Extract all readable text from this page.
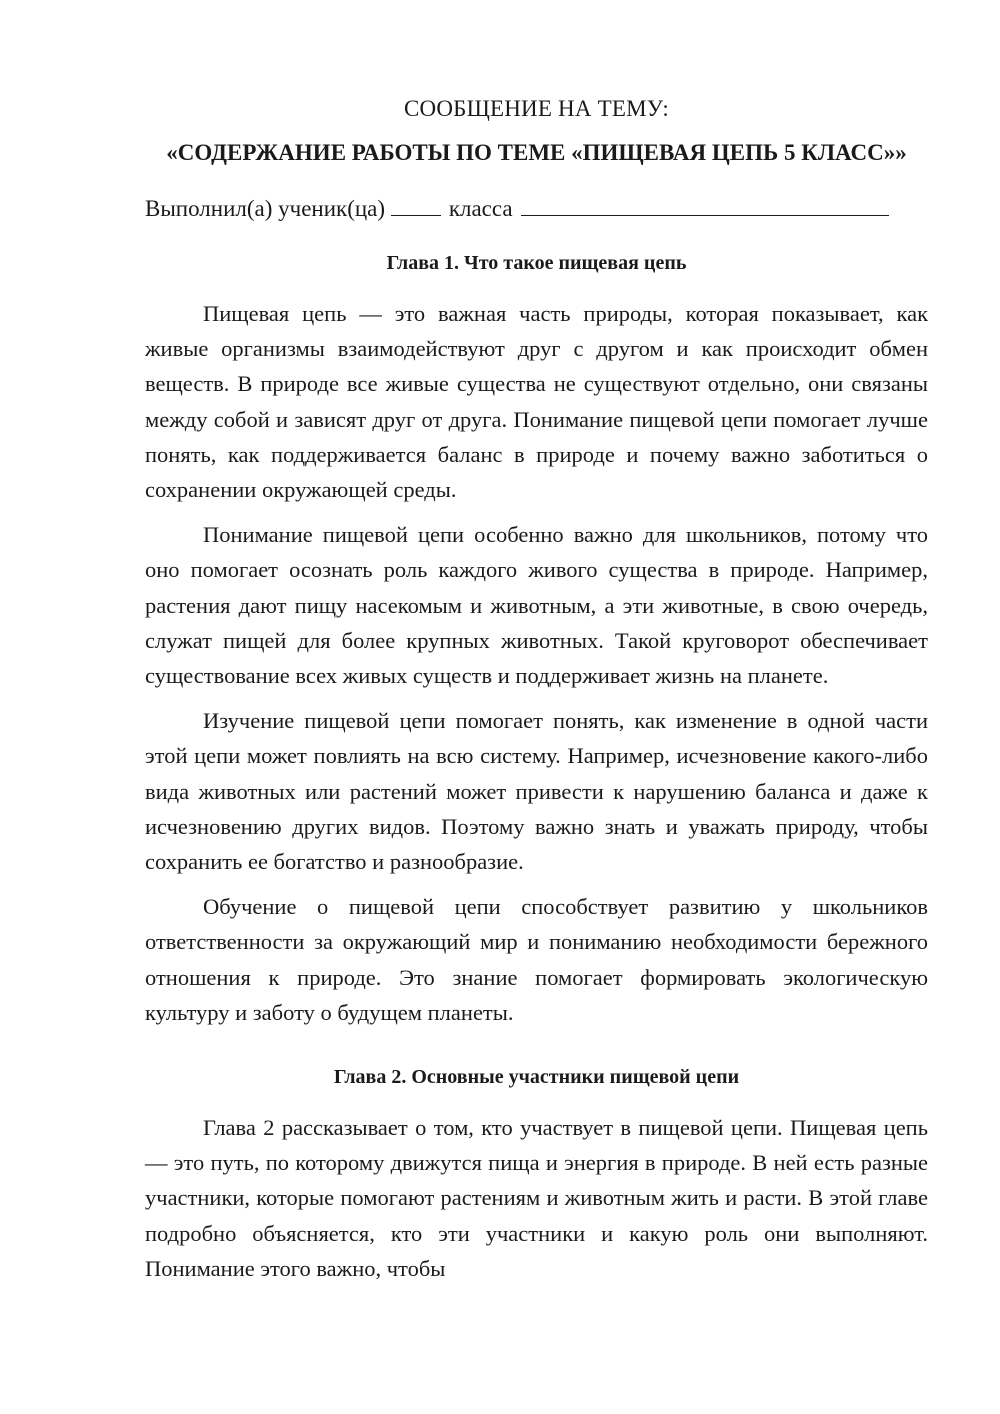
СООБЩЕНИЕ НА ТЕМУ:

«СОДЕРЖАНИЕ РАБОТЫ ПО ТЕМЕ «ПИЩЕВАЯ ЦЕПЬ 5 КЛАСС»»

Выполнил(а) ученик(ца)	класса

Глава 1. Что такое пищевая цепь

Пищевая цепь — это важная часть природы, которая показывает, как живые организмы взаимодействуют друг с другом и как происходит обмен веществ. В природе все живые существа не существуют отдельно, они связаны между собой и зависят друг от друга. Понимание пищевой цепи помогает лучше понять, как поддерживается баланс в природе и почему важно заботиться о сохранении окружающей среды.

Понимание пищевой цепи особенно важно для школьников, потому что оно помогает осознать роль каждого живого существа в природе. Например, растения дают пищу насекомым и животным, а эти животные, в свою очередь, служат пищей для более крупных животных. Такой круговорот обеспечивает существование всех живых существ и поддерживает жизнь на планете.

Изучение пищевой цепи помогает понять, как изменение в одной части этой цепи может повлиять на всю систему. Например, исчезновение какого-либо вида животных или растений может привести к нарушению баланса и даже к исчезновению других видов. Поэтому важно знать и уважать природу, чтобы сохранить ее богатство и разнообразие.

Обучение о пищевой цепи способствует развитию у школьников ответственности за окружающий мир и пониманию необходимости бережного отношения к природе. Это знание помогает формировать экологическую культуру и заботу о будущем планеты.

Глава 2. Основные участники пищевой цепи

Глава 2 рассказывает о том, кто участвует в пищевой цепи. Пищевая цепь — это путь, по которому движутся пища и энергия в природе. В ней есть разные участники, которые помогают растениям и животным жить и расти. В этой главе подробно объясняется, кто эти участники и какую роль они выполняют. Понимание этого важно, чтобы
